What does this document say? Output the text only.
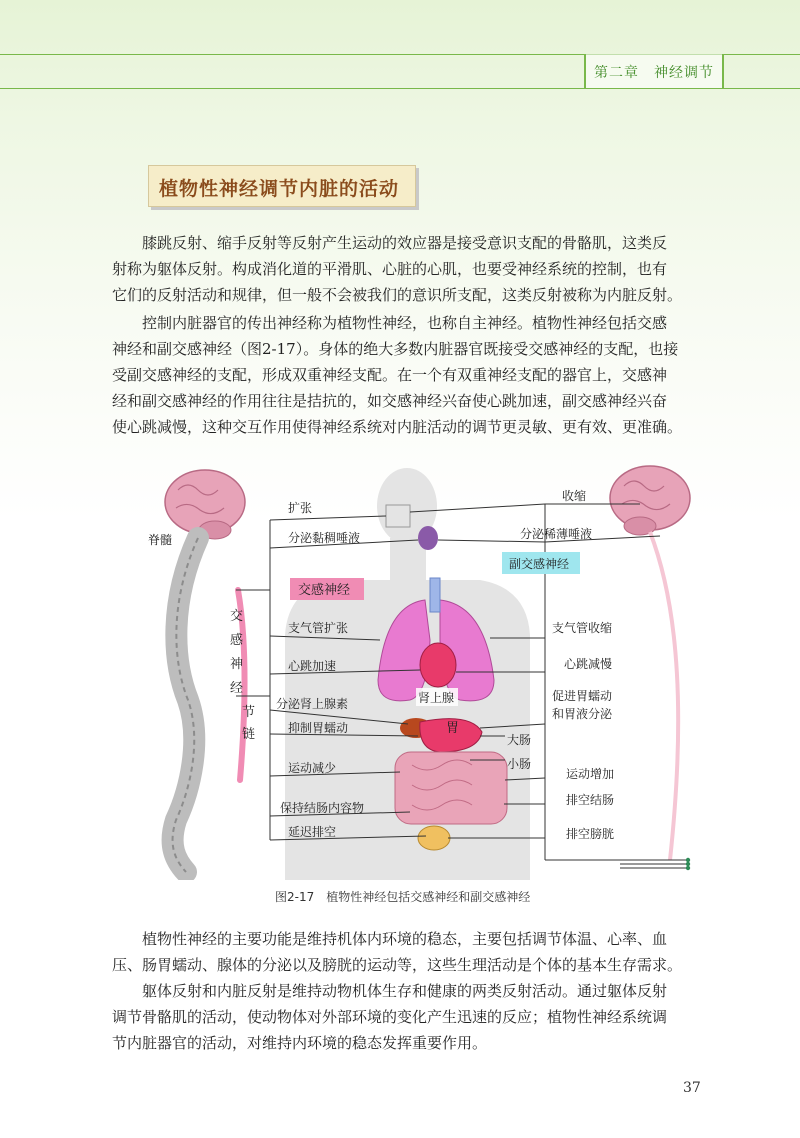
第二章　神经调节
植物性神经调节内脏的活动
膝跳反射、缩手反射等反射产生运动的效应器是接受意识支配的骨骼肌，这类反
射称为躯体反射。构成消化道的平滑肌、心脏的心肌，也要受神经系统的控制，也有
它们的反射活动和规律，但一般不会被我们的意识所支配，这类反射被称为内脏反射。
控制内脏器官的传出神经称为植物性神经，也称自主神经。植物性神经包括交感
神经和副交感神经（图2-17）。身体的绝大多数内脏器官既接受交感神经的支配，也接
受副交感神经的支配，形成双重神经支配。在一个有双重神经支配的器官上，交感神
经和副交感神经的作用往往是拮抗的，如交感神经兴奋使心跳加速，副交感神经兴奋
使心跳减慢，这种交互作用使得神经系统对内脏活动的调节更灵敏、更有效、更准确。
脊髓
交感神经
副交感神经
交
感
神
经
节
链
肾上腺
胃
大肠
小肠
扩张
分泌黏稠唾液
支气管扩张
心跳加速
分泌肾上腺素
抑制胃蠕动
运动减少
保持结肠内容物
延迟排空
收缩
分泌稀薄唾液
支气管收缩
心跳减慢
促进胃蠕动
和胃液分泌
运动增加
排空结肠
排空膀胱
图2-17　植物性神经包括交感神经和副交感神经
植物性神经的主要功能是维持机体内环境的稳态，主要包括调节体温、心率、血
压、肠胃蠕动、腺体的分泌以及膀胱的运动等，这些生理活动是个体的基本生存需求。
躯体反射和内脏反射是维持动物机体生存和健康的两类反射活动。通过躯体反射
调节骨骼肌的活动，使动物体对外部环境的变化产生迅速的反应；植物性神经系统调
节内脏器官的活动，对维持内环境的稳态发挥重要作用。
37
